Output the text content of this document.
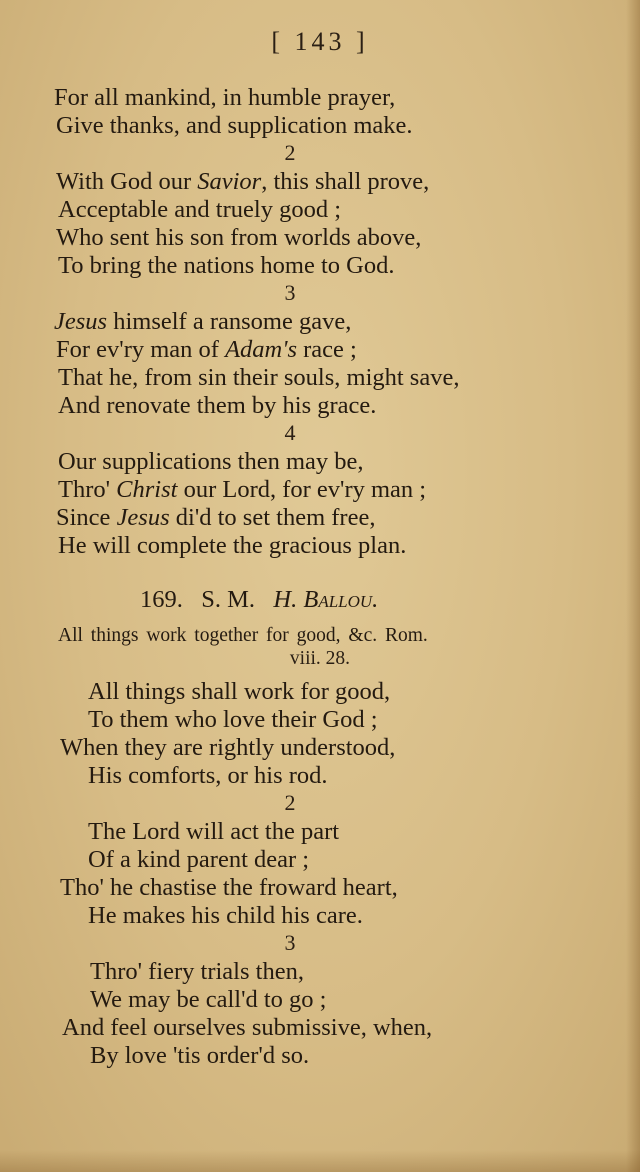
[ 143 ]
For all mankind, in humble prayer,
Give thanks, and supplication make.
2
With God our Savior, this shall prove,
Acceptable and truely good ;
Who sent his son from worlds above,
To bring the nations home to God.
3
Jesus himself a ransome gave,
For ev'ry man of Adam's race ;
That he, from sin their souls, might save,
And renovate them by his grace.
4
Our supplications then may be,
Thro' Christ our Lord, for ev'ry man ;
Since Jesus di'd to set them free,
He will complete the gracious plan.
169. S. M. H. Ballou.
All things work together for good, &c. Rom.
viii. 28.
All things shall work for good,
To them who love their God ;
When they are rightly understood,
His comforts, or his rod.
2
The Lord will act the part
Of a kind parent dear ;
Tho' he chastise the froward heart,
He makes his child his care.
3
Thro' fiery trials then,
We may be call'd to go ;
And feel ourselves submissive, when,
By love 'tis order'd so.
